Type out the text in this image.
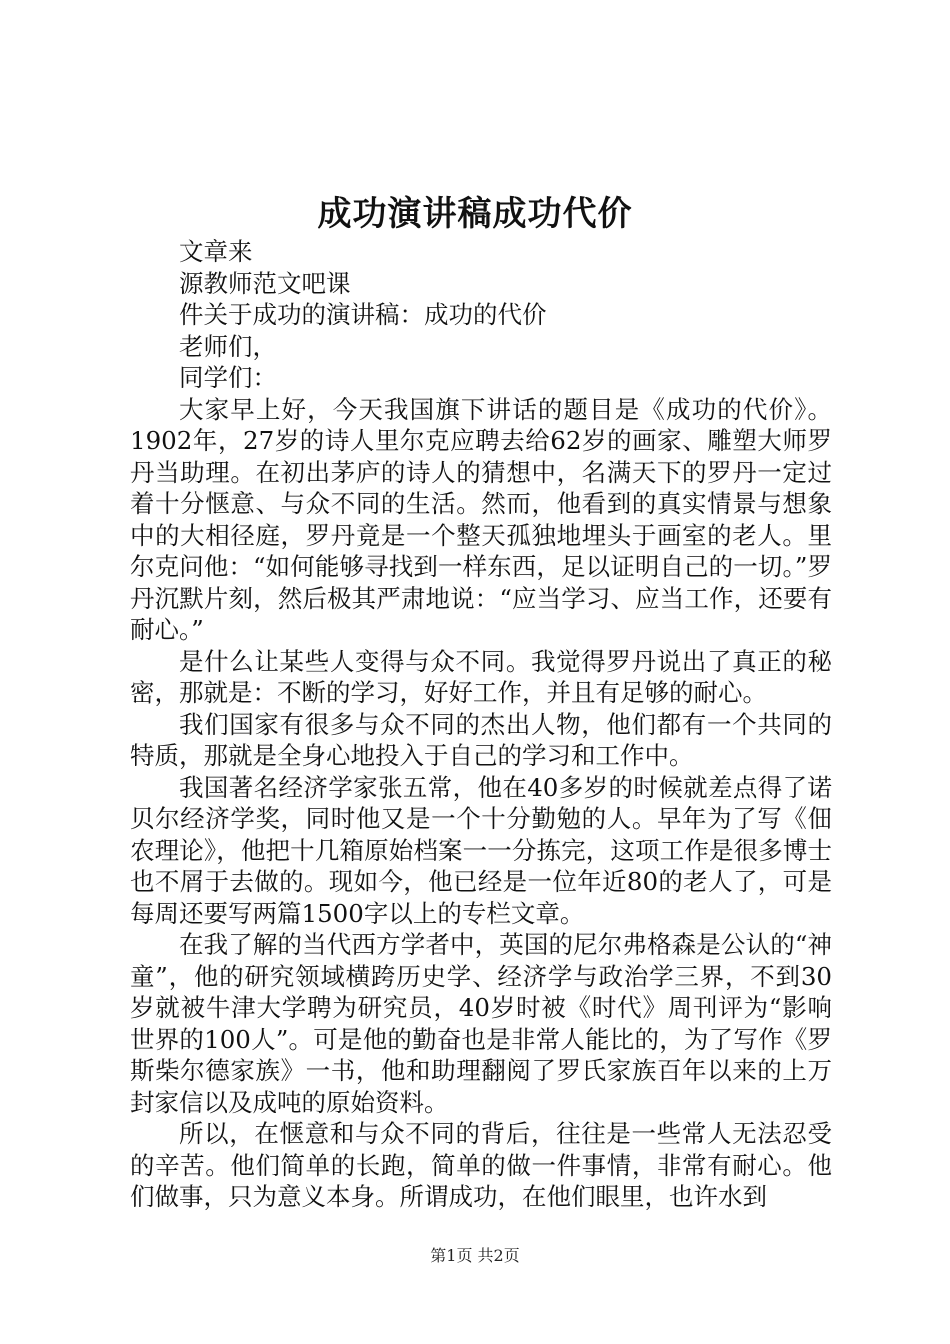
成功演讲稿成功代价

文章来

源教师范文吧课

件关于成功的演讲稿：成功的代价

老师们，

同学们：

大家早上好，今天我国旗下讲话的题目是《成功的代价》。1902年，27岁的诗人里尔克应聘去给62岁的画家、雕塑大师罗丹当助理。在初出茅庐的诗人的猜想中，名满天下的罗丹一定过着十分惬意、与众不同的生活。然而，他看到的真实情景与想象中的大相径庭，罗丹竟是一个整天孤独地埋头于画室的老人。里尔克问他：“如何能够寻找到一样东西，足以证明自己的一切。”罗丹沉默片刻，然后极其严肃地说：“应当学习、应当工作，还要有耐心。”

是什么让某些人变得与众不同。我觉得罗丹说出了真正的秘密，那就是：不断的学习，好好工作，并且有足够的耐心。

我们国家有很多与众不同的杰出人物，他们都有一个共同的特质，那就是全身心地投入于自己的学习和工作中。

我国著名经济学家张五常，他在40多岁的时候就差点得了诺贝尔经济学奖，同时他又是一个十分勤勉的人。早年为了写《佃农理论》，他把十几箱原始档案一一分拣完，这项工作是很多博士也不屑于去做的。现如今，他已经是一位年近80的老人了，可是每周还要写两篇1500字以上的专栏文章。

在我了解的当代西方学者中，英国的尼尔弗格森是公认的“神童”，他的研究领域横跨历史学、经济学与政治学三界，不到30岁就被牛津大学聘为研究员，40岁时被《时代》周刊评为“影响世界的100人”。可是他的勤奋也是非常人能比的，为了写作《罗斯柴尔德家族》一书，他和助理翻阅了罗氏家族百年以来的上万封家信以及成吨的原始资料。

所以，在惬意和与众不同的背后，往往是一些常人无法忍受的辛苦。他们简单的长跑，简单的做一件事情，非常有耐心。他们做事，只为意义本身。所谓成功，在他们眼里，也许水到

第1页 共2页
